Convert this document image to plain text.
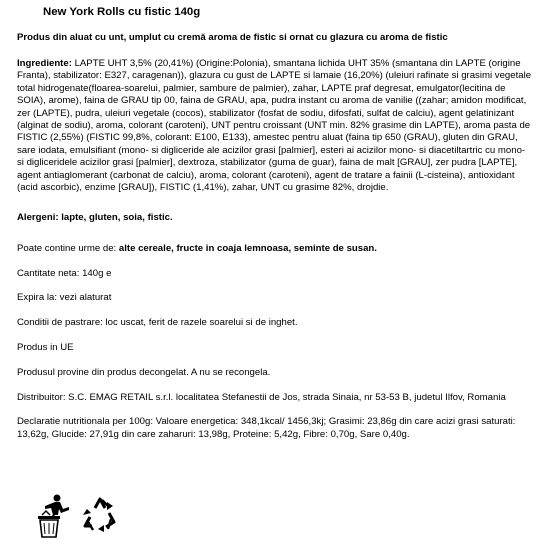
New York Rolls cu fistic 140g
Produs din aluat cu unt, umplut cu cremă aroma de fistic si ornat cu glazura cu aroma de fistic

Ingrediente: LAPTE UHT 3,5% (20,41%) (Origine:Polonia), smantana lichida UHT 35% (smantana din LAPTE (origine Franta), stabilizator: E327, caragenan)), glazura cu gust de LAPTE si lamaie (16,20%) (uleiuri rafinate si grasimi vegetale total hidrogenate(floarea-soarelui, palmier, sambure de palmier), zahar, LAPTE praf degresat, emulgator(lecitina de SOIA), arome), faina de GRAU tip 00, faina de GRAU, apa, pudra instant cu aroma de vanilie ((zahar; amidon modificat, zer (LAPTE), pudra, uleiuri vegetale (cocos), stabilizator (fosfat de sodiu, difosfati, sulfat de calciu), agent gelatinizant (alginat de sodiu), aroma, colorant (caroteni), UNT pentru croissant (UNT min. 82% grasime din LAPTE), aroma pasta de FISTIC (2,55%) (FISTIC 99,8%, colorant: E100, E133), amestec pentru aluat (faina tip 650 (GRAU), gluten din GRAU, sare iodata, emulsifiant (mono- si digliceride ale acizilor grasi [palmier], esteri ai acizilor mono- si diacetiltartric cu mono- si digliceridele acizilor grasi [palmier], dextroza, stabilizator (guma de guar), faina de malt [GRAU], zer pudra [LAPTE], agent antiaglomerant (carbonat de calciu), aroma, colorant (caroteni), agent de tratare a fainii (L-cisteina), antioxidant (acid ascorbic), enzime [GRAU]), FISTIC (1,41%), zahar, UNT cu grasime 82%, drojdie.

Alergeni: lapte, gluten, soia, fistic.

Poate contine urme de: alte cereale, fructe in coaja lemnoasa, seminte de susan.

Cantitate neta: 140g e

Expira la: vezi alaturat

Conditii de pastrare: loc uscat, ferit de razele soarelui si de inghet.

Produs in UE

Produsul provine din produs decongelat. A nu se recongela.

Distribuitor: S.C. EMAG RETAIL s.r.l. localitatea Stefanestii de Jos, strada Sinaia, nr 53-53 B, judetul Ilfov, Romania

Declaratie nutritionala per 100g: Valoare energetica: 348,1kcal/ 1456,3kj; Grasimi: 23,86g din care acizi grasi saturati: 13,62g, Glucide: 27,91g din care zaharuri: 13,98g, Proteine: 5,42g, Fibre: 0,70g, Sare 0,40g.
